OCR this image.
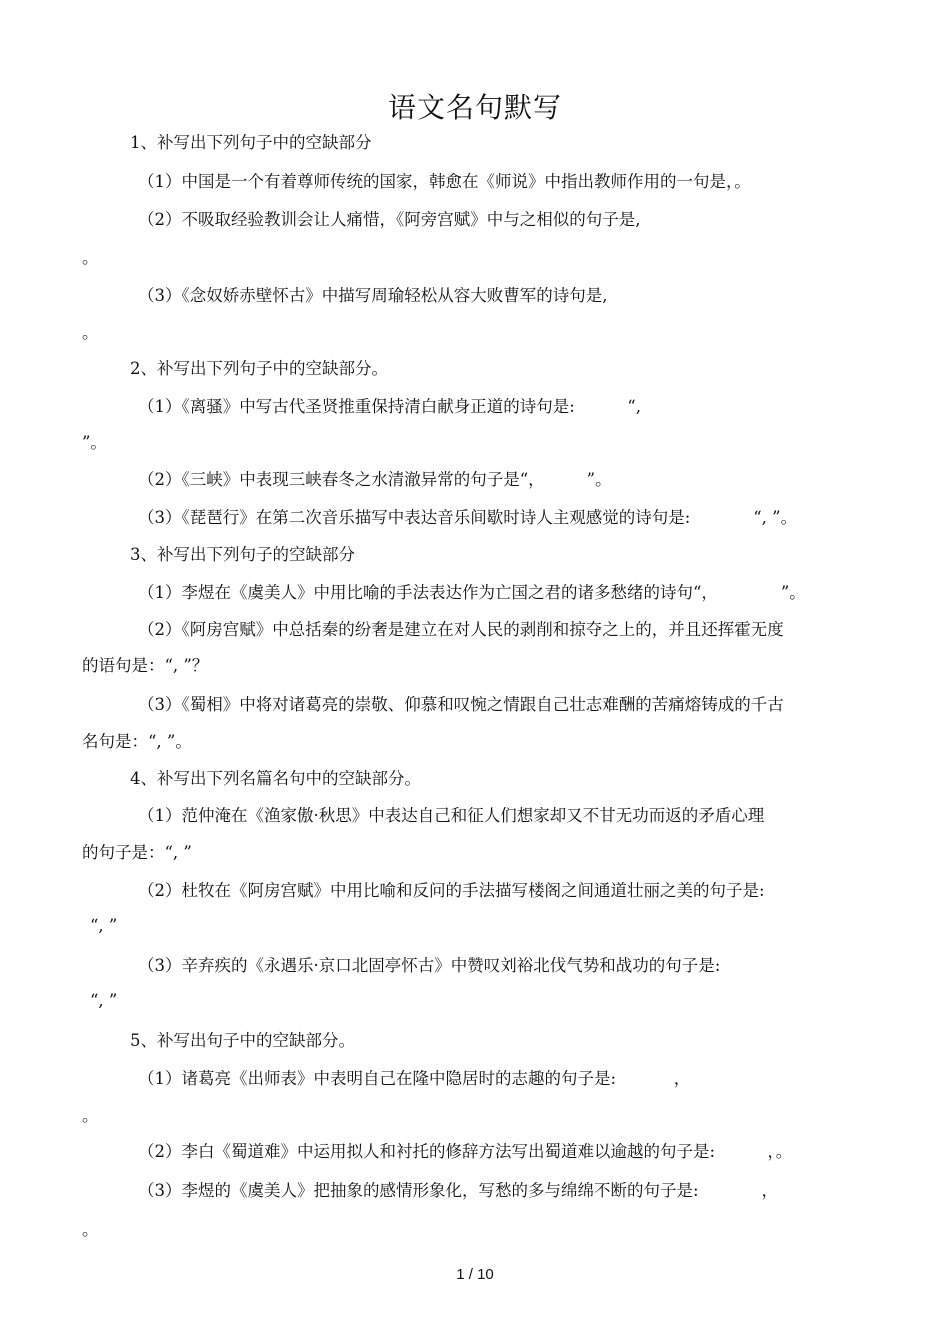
语文名句默写
1、补写出下列句子中的空缺部分
（1）中国是一个有着尊师传统的国家，韩愈在《师说》中指出教师作用的一句是，。
（2）不吸取经验教训会让人痛惜，《阿旁宫赋》中与之相似的句子是,
。
（3）《念奴娇赤壁怀古》中描写周瑜轻松从容大败曹军的诗句是,
。
2、补写出下列句子中的空缺部分。
（1）《离骚》中写古代圣贤推重保持清白献身正道的诗句是:          “,
”。
（2）《三峡》中表现三峡春冬之水清澈异常的句子是“，        ”。
（3）《琵琶行》在第二次音乐描写中表达音乐间歇时诗人主观感觉的诗句是:            “, ”。
3、补写出下列句子的空缺部分
（1）李煜在《虞美人》中用比喻的手法表达作为亡国之君的诸多愁绪的诗句“，            ”。
（2）《阿房宫赋》中总括秦的纷奢是建立在对人民的剥削和掠夺之上的，并且还挥霍无度
的语句是：“, ”？
（3）《蜀相》中将对诸葛亮的崇敬、仰慕和叹惋之情跟自己壮志难酬的苦痛熔铸成的千古
名句是：“, ”。
4、补写出下列名篇名句中的空缺部分。
（1）范仲淹在《渔家傲·秋思》中表达自己和征人们想家却又不甘无功而返的矛盾心理
的句子是：“, ”
（2）杜牧在《阿房宫赋》中用比喻和反问的手法描写楼阁之间通道壮丽之美的句子是:
“, ”
（3）辛弃疾的《永遇乐·京口北固亭怀古》中赞叹刘裕北伐气势和战功的句子是:
“, ”
5、补写出句子中的空缺部分。
（1）诸葛亮《出师表》中表明自己在隆中隐居时的志趣的句子是:           ，
。
（2）李白《蜀道难》中运用拟人和衬托的修辞方法写出蜀道难以逾越的句子是:          ，。
（3）李煜的《虞美人》把抽象的感情形象化，写愁的多与绵绵不断的句子是:            ，
。
1 / 10
